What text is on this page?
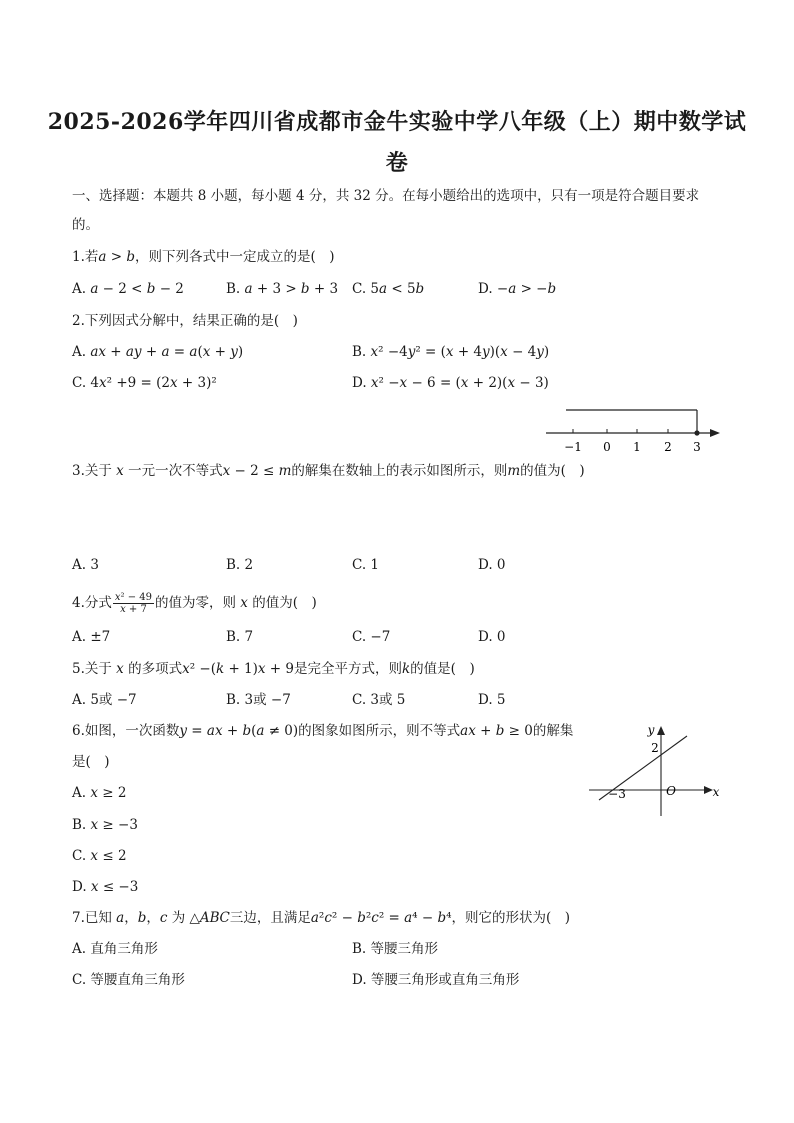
2025-2026学年四川省成都市金牛实验中学八年级（上）期中数学试
卷
一、选择题：本题共 8 小题，每小题 4 分，共 32 分。在每小题给出的选项中，只有一项是符合题目要求
的。
1.若𝑎 > 𝑏，则下列各式中一定成立的是(　)
A. 𝑎 − 2 < 𝑏 − 2	B. 𝑎 + 3 > 𝑏 + 3 C. 5𝑎 < 5𝑏	D. −𝑎 > −𝑏
2.下列因式分解中，结果正确的是(　)
A. 𝑎𝑥 + 𝑎𝑦 + 𝑎 = 𝑎(𝑥 + 𝑦)	B. 𝑥² −4𝑦² = (𝑥 + 4𝑦)(𝑥 − 4𝑦)
C. 4𝑥² +9 = (2𝑥 + 3)²	D. 𝑥² −𝑥 − 6 = (𝑥 + 2)(𝑥 − 3)
−1 0 1 2 3
3.关于 𝑥 一元一次不等式𝑥 − 2 ≤ 𝑚的解集在数轴上的表示如图所示，则𝑚的值为(　)
A. 3	B. 2	C. 1	D. 0
4.分式 $\frac{\text{𝑥² − 49}}{\text{𝑥 + 7}}$ 的值为零，则 𝑥 的值为(　)
A. ±7	B. 7	C. −7	D. 0
5.关于 𝑥 的多项式𝑥² −(𝑘 + 1)𝑥 + 9是完全平方式，则𝑘的值是(　)
A. 5或 −7	B. 3或 −7	C. 3或 5	D. 5
6.如图，一次函数𝑦 = 𝑎𝑥 + 𝑏(𝑎 ≠ 0)的图象如图所示，则不等式𝑎𝑥 + 𝑏 ≥ 0的解集
是(　)
A. 𝑥 ≥ 2
B. 𝑥 ≥ −3
C. 𝑥 ≤ 2
D. 𝑥 ≤ −3
y
x
O
2
−3
7.已知 𝑎，𝑏，𝑐 为 △𝐴𝐵𝐶三边，且满足𝑎²𝑐² − 𝑏²𝑐² = 𝑎⁴ − 𝑏⁴，则它的形状为(　)
A. 直角三角形	B. 等腰三角形
C. 等腰直角三角形	D. 等腰三角形或直角三角形
